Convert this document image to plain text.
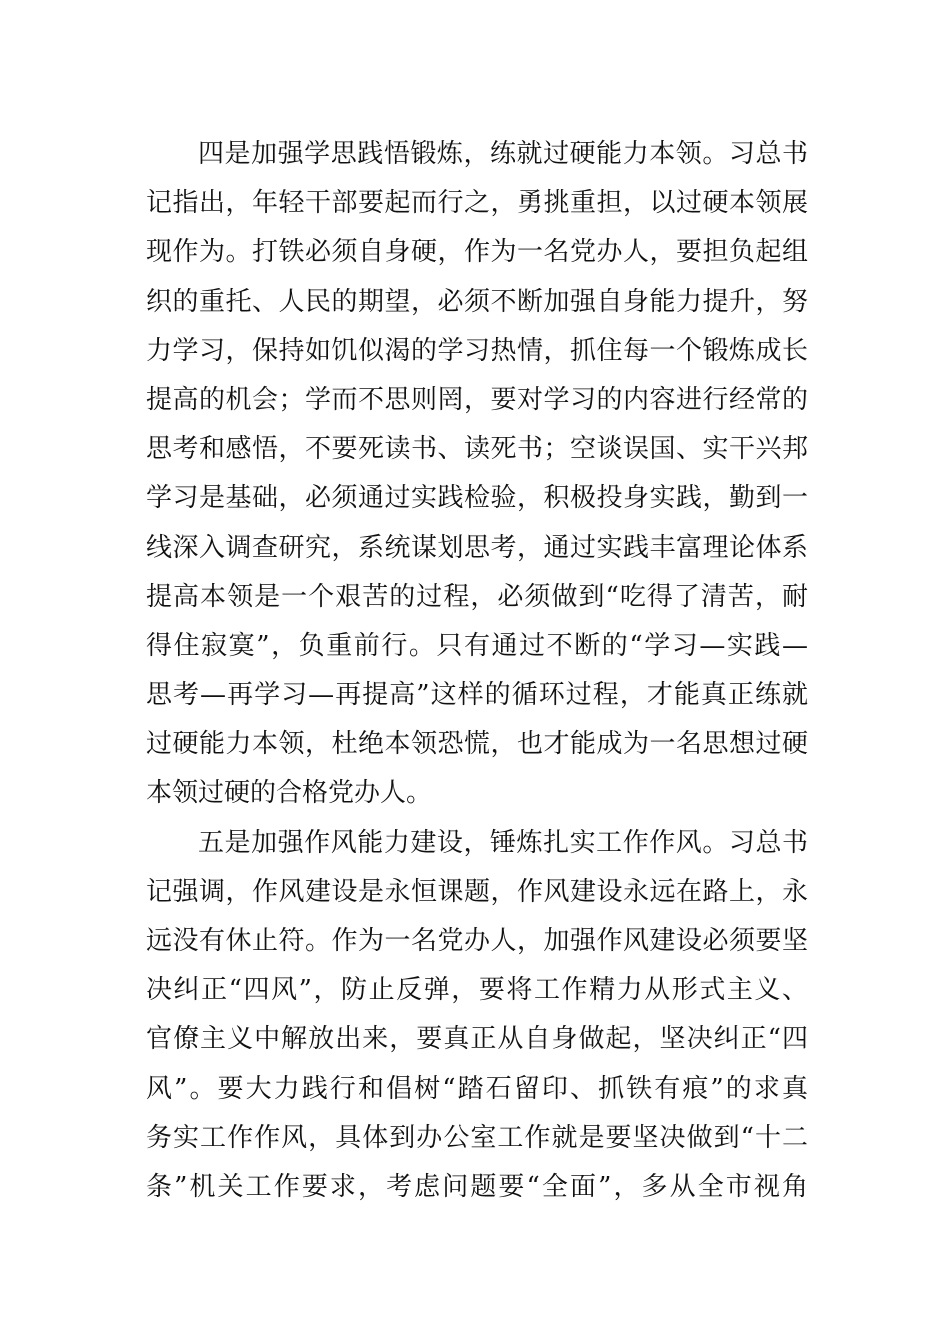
四是加强学思践悟锻炼，练就过硬能力本领。习总书
记指出，年轻干部要起而行之，勇挑重担，以过硬本领展
现作为。打铁必须自身硬，作为一名党办人，要担负起组
织的重托、人民的期望，必须不断加强自身能力提升，努
力学习，保持如饥似渴的学习热情，抓住每一个锻炼成长
提高的机会；学而不思则罔，要对学习的内容进行经常的
思考和感悟，不要死读书、读死书；空谈误国、实干兴邦
学习是基础，必须通过实践检验，积极投身实践，勤到一
线深入调查研究，系统谋划思考，通过实践丰富理论体系
提高本领是一个艰苦的过程，必须做到“吃得了清苦，耐
得住寂寞”，负重前行。只有通过不断的“学习—实践—
思考—再学习—再提高”这样的循环过程，才能真正练就
过硬能力本领，杜绝本领恐慌，也才能成为一名思想过硬
本领过硬的合格党办人。
五是加强作风能力建设，锤炼扎实工作作风。习总书
记强调，作风建设是永恒课题，作风建设永远在路上，永
远没有休止符。作为一名党办人，加强作风建设必须要坚
决纠正“四风”，防止反弹，要将工作精力从形式主义、
官僚主义中解放出来，要真正从自身做起，坚决纠正“四
风”。要大力践行和倡树“踏石留印、抓铁有痕”的求真
务实工作作风，具体到办公室工作就是要坚决做到“十二
条”机关工作要求，考虑问题要“全面”，多从全市视角
